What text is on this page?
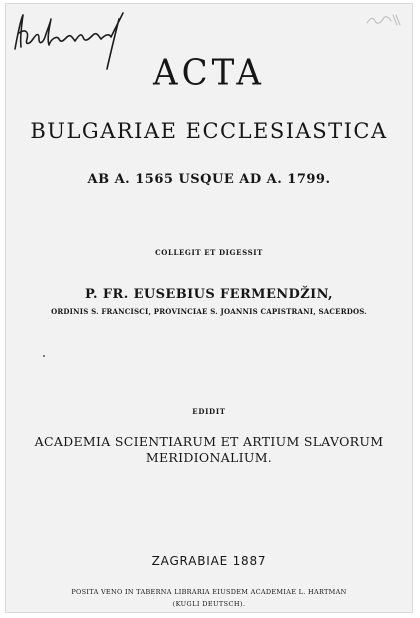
ACTA
BULGARIAE ECCLESIASTICA
AB A. 1565 USQUE AD A. 1799.
COLLEGIT ET DIGESSIT
P. FR. EUSEBIUS FERMENDŽIN,
ORDINIS S. FRANCISCI, PROVINCIAE S. JOANNIS CAPISTRANI, SACERDOS.
EDIDIT
ACADEMIA SCIENTIARUM ET ARTIUM SLAVORUM
MERIDIONALIUM.
ZAGRABIAE 1887
POSITA VENO IN TABERNA LIBRARIA EIUSDEM ACADEMIAE L. HARTMAN
(KUGLI DEUTSCH).
